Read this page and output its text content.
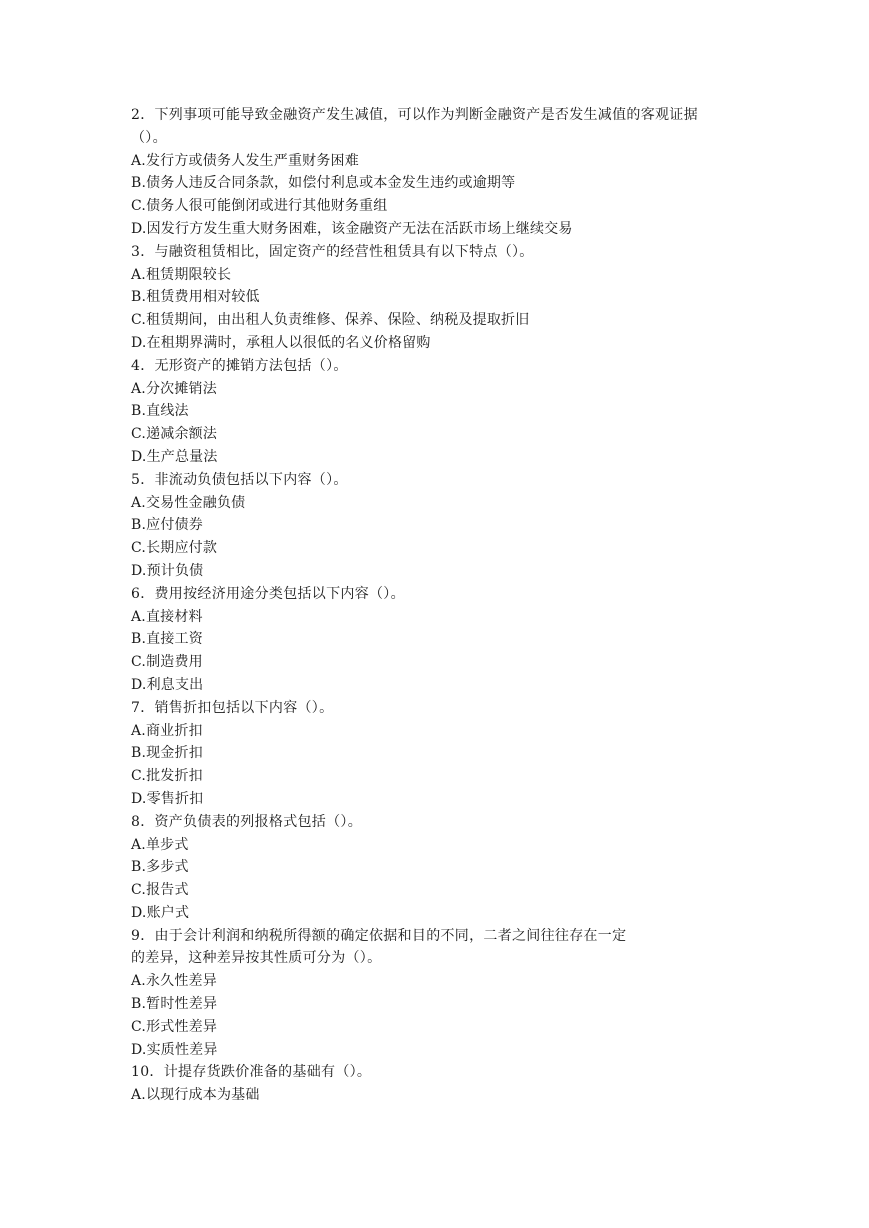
2．下列事项可能导致金融资产发生减值，可以作为判断金融资产是否发生减值的客观证据
（）。
A.发行方或债务人发生严重财务困难
B.债务人违反合同条款，如偿付利息或本金发生违约或逾期等
C.债务人很可能倒闭或进行其他财务重组
D.因发行方发生重大财务困难，该金融资产无法在活跃市场上继续交易
3．与融资租赁相比，固定资产的经营性租赁具有以下特点（）。
A.租赁期限较长
B.租赁费用相对较低
C.租赁期间，由出租人负责维修、保养、保险、纳税及提取折旧
D.在租期界满时，承租人以很低的名义价格留购
4．无形资产的摊销方法包括（）。
A.分次摊销法
B.直线法
C.递减余额法
D.生产总量法
5．非流动负债包括以下内容（）。
A.交易性金融负债
B.应付债券
C.长期应付款
D.预计负债
6．费用按经济用途分类包括以下内容（）。
A.直接材料
B.直接工资
C.制造费用
D.利息支出
7．销售折扣包括以下内容（）。
A.商业折扣
B.现金折扣
C.批发折扣
D.零售折扣
8．资产负债表的列报格式包括（）。
A.单步式
B.多步式
C.报告式
D.账户式
9．由于会计利润和纳税所得额的确定依据和目的不同，二者之间往往存在一定
的差异，这种差异按其性质可分为（）。
A.永久性差异
B.暂时性差异
C.形式性差异
D.实质性差异
10．计提存货跌价准备的基础有（）。
A.以现行成本为基础
